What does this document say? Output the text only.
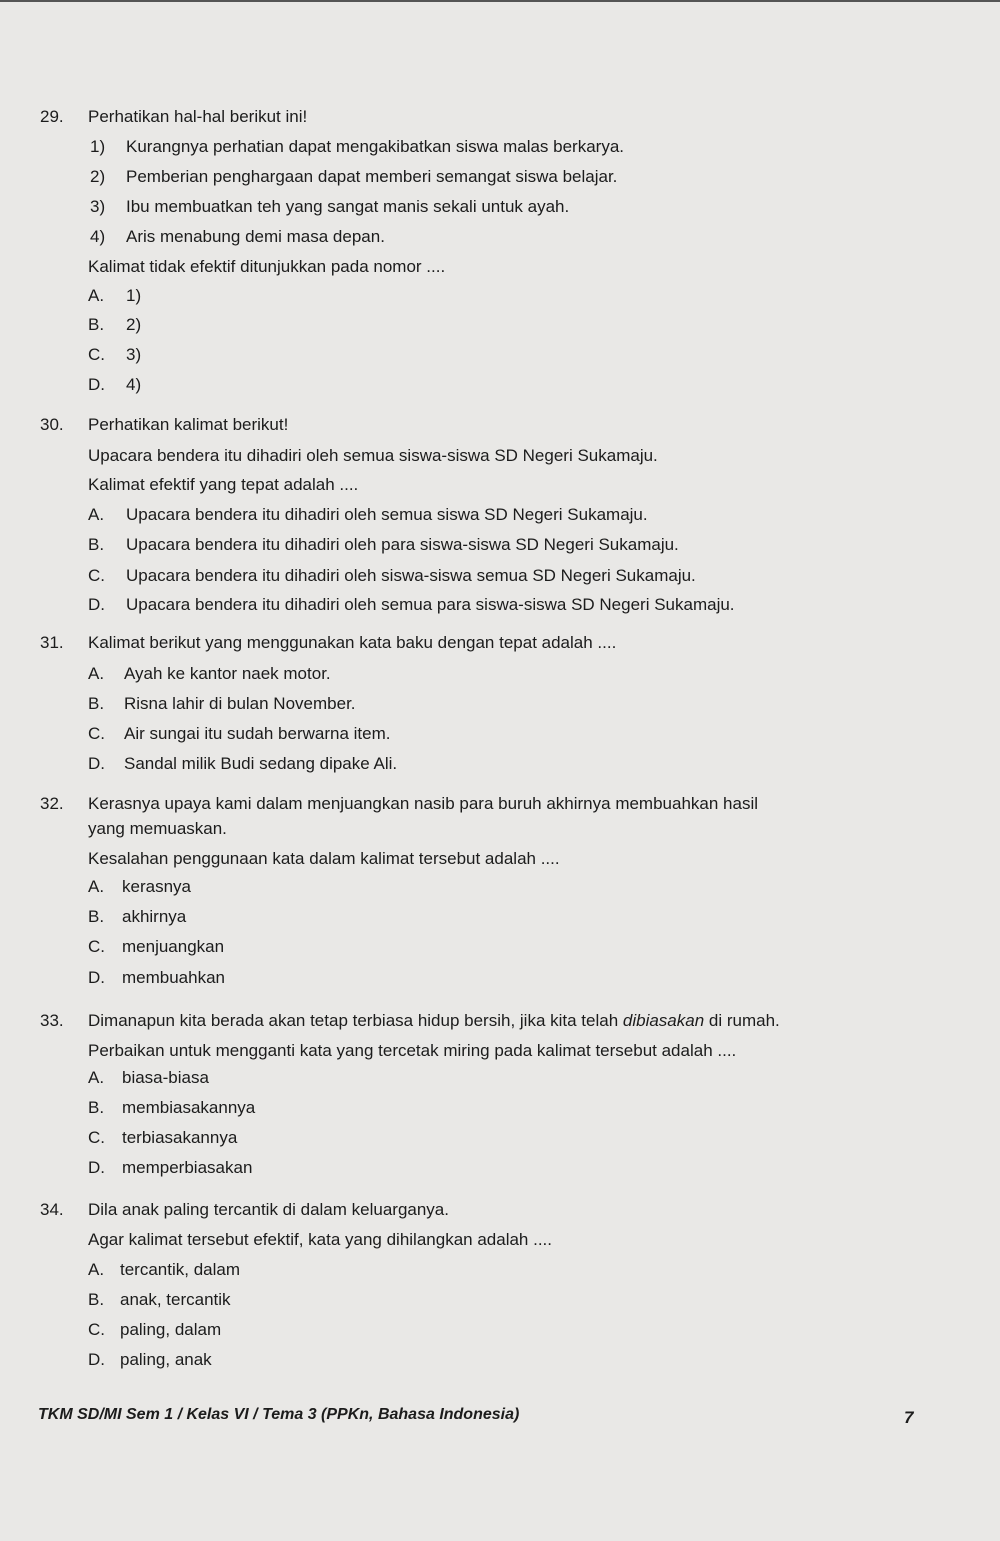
29. Perhatikan hal-hal berikut ini!
1) Kurangnya perhatian dapat mengakibatkan siswa malas berkarya.
2) Pemberian penghargaan dapat memberi semangat siswa belajar.
3) Ibu membuatkan teh yang sangat manis sekali untuk ayah.
4) Aris menabung demi masa depan.
Kalimat tidak efektif ditunjukkan pada nomor ....
A. 1)
B. 2)
C. 3)
D. 4)
30. Perhatikan kalimat berikut!
Upacara bendera itu dihadiri oleh semua siswa-siswa SD Negeri Sukamaju.
Kalimat efektif yang tepat adalah ....
A. Upacara bendera itu dihadiri oleh semua siswa SD Negeri Sukamaju.
B. Upacara bendera itu dihadiri oleh para siswa-siswa SD Negeri Sukamaju.
C. Upacara bendera itu dihadiri oleh siswa-siswa semua SD Negeri Sukamaju.
D. Upacara bendera itu dihadiri oleh semua para siswa-siswa SD Negeri Sukamaju.
31. Kalimat berikut yang menggunakan kata baku dengan tepat adalah ....
A. Ayah ke kantor naek motor.
B. Risna lahir di bulan November.
C. Air sungai itu sudah berwarna item.
D. Sandal milik Budi sedang dipake Ali.
32. Kerasnya upaya kami dalam menjuangkan nasib para buruh akhirnya membuahkan hasil
yang memuaskan.
Kesalahan penggunaan kata dalam kalimat tersebut adalah ....
A. kerasnya
B. akhirnya
C. menjuangkan
D. membuahkan
33. Dimanapun kita berada akan tetap terbiasa hidup bersih, jika kita telah dibiasakan di rumah.
Perbaikan untuk mengganti kata yang tercetak miring pada kalimat tersebut adalah ....
A. biasa-biasa
B. membiasakannya
C. terbiasakannya
D. memperbiasakan
34. Dila anak paling tercantik di dalam keluarganya.
Agar kalimat tersebut efektif, kata yang dihilangkan adalah ....
A. tercantik, dalam
B. anak, tercantik
C. paling, dalam
D. paling, anak
TKM SD/MI Sem 1 / Kelas VI / Tema 3 (PPKn, Bahasa Indonesia)	7
